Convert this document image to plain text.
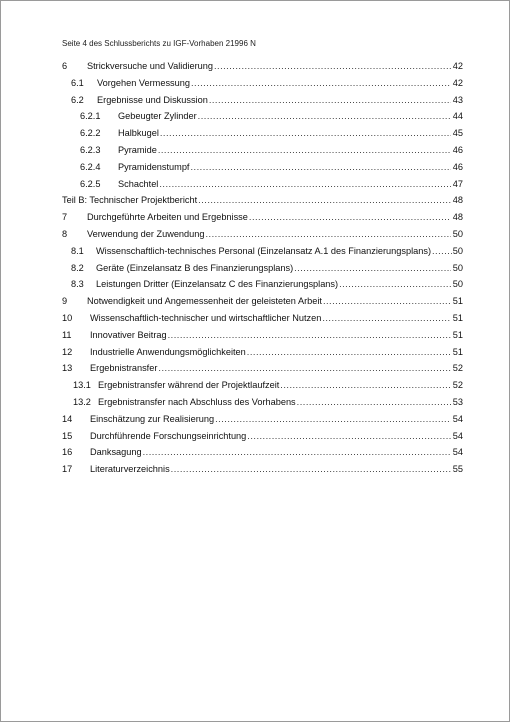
Seite 4 des Schlussberichts zu IGF-Vorhaben 21996 N
6	Strickversuche und Validierung .....	42
6.1	Vorgehen Vermessung .....	42
6.2	Ergebnisse und Diskussion .....	43
6.2.1	Gebeugter Zylinder .....	44
6.2.2	Halbkugel .....	45
6.2.3	Pyramide .....	46
6.2.4	Pyramidenstumpf .....	46
6.2.5	Schachtel .....	47
Teil B: Technischer Projektbericht .....	48
7	Durchgeführte Arbeiten und Ergebnisse .....	48
8	Verwendung der Zuwendung .....	50
8.1	Wissenschaftlich-technisches Personal (Einzelansatz A.1 des Finanzierungsplans) ..... 50
8.2	Geräte (Einzelansatz B des Finanzierungsplans) .....	50
8.3	Leistungen Dritter (Einzelansatz C des Finanzierungsplans) .....	50
9	Notwendigkeit und Angemessenheit der geleisteten Arbeit .....	51
10	Wissenschaftlich-technischer und wirtschaftlicher Nutzen .....	51
11	Innovativer Beitrag .....	51
12	Industrielle Anwendungsmöglichkeiten .....	51
13	Ergebnistransfer .....	52
13.1 Ergebnistransfer während der Projektlaufzeit .....	52
13.2 Ergebnistransfer nach Abschluss des Vorhabens .....	53
14	Einschätzung zur Realisierung .....	54
15	Durchführende Forschungseinrichtung .....	54
16	Danksagung .....	54
17	Literaturverzeichnis .....	55
